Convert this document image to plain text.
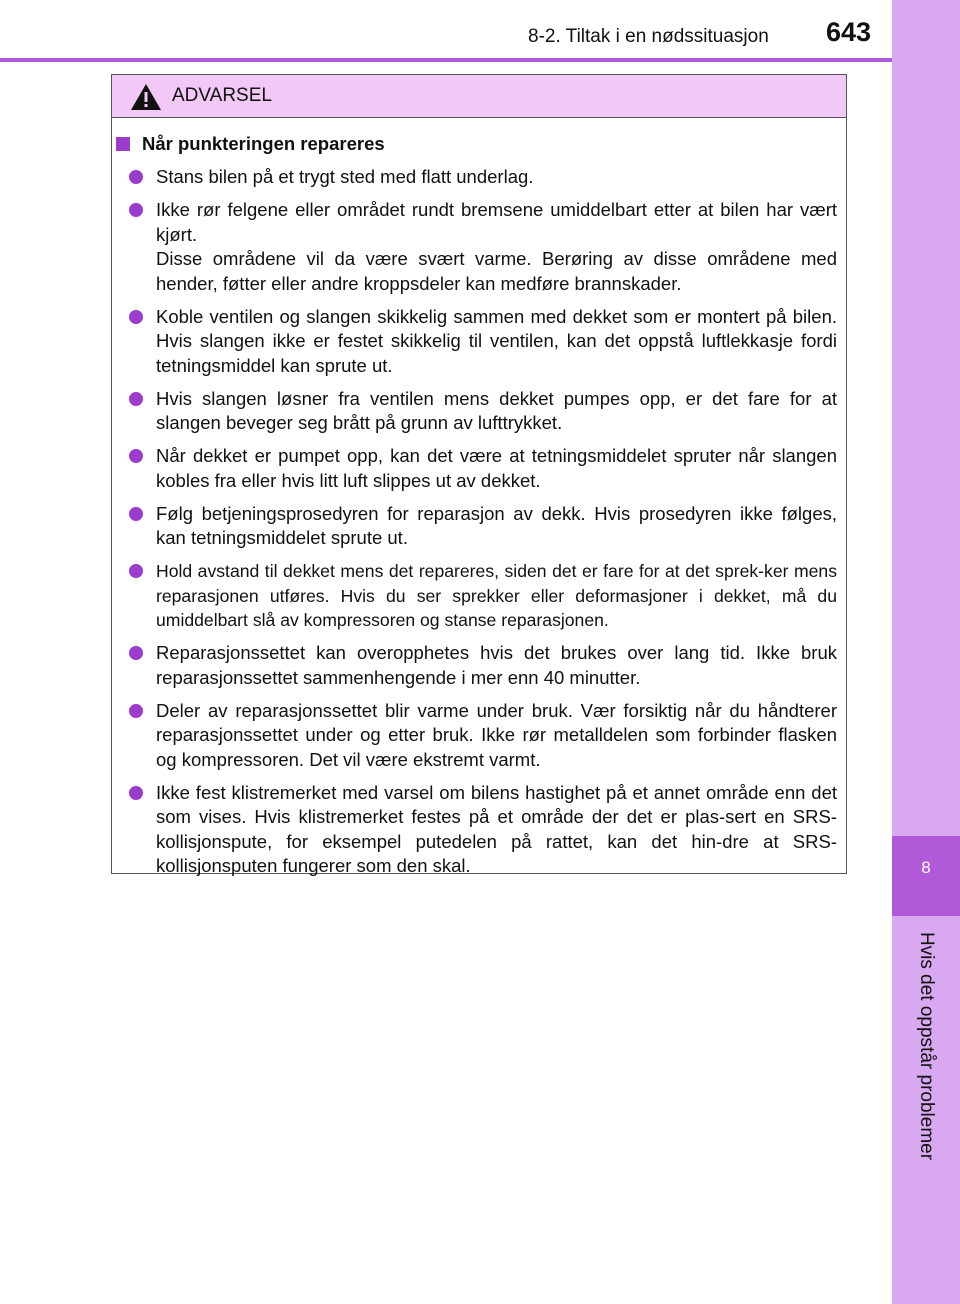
8-2. Tiltak i en nødssituasjon	643
8
Hvis det oppstår problemer
ADVARSEL
Når punkteringen repareres
Stans bilen på et trygt sted med flatt underlag.
Ikke rør felgene eller området rundt bremsene umiddelbart etter at bilen har vært kjørt.
Disse områdene vil da være svært varme. Berøring av disse områdene med hender, føtter eller andre kroppsdeler kan medføre brannskader.
Koble ventilen og slangen skikkelig sammen med dekket som er montert på bilen. Hvis slangen ikke er festet skikkelig til ventilen, kan det oppstå luftlekkasje fordi tetningsmiddel kan sprute ut.
Hvis slangen løsner fra ventilen mens dekket pumpes opp, er det fare for at slangen beveger seg brått på grunn av lufttrykket.
Når dekket er pumpet opp, kan det være at tetningsmiddelet spruter når slangen kobles fra eller hvis litt luft slippes ut av dekket.
Følg betjeningsprosedyren for reparasjon av dekk. Hvis prosedyren ikke følges, kan tetningsmiddelet sprute ut.
Hold avstand til dekket mens det repareres, siden det er fare for at det sprek-ker mens reparasjonen utføres. Hvis du ser sprekker eller deformasjoner i dekket, må du umiddelbart slå av kompressoren og stanse reparasjonen.
Reparasjonssettet kan overopphetes hvis det brukes over lang tid. Ikke bruk reparasjonssettet sammenhengende i mer enn 40 minutter.
Deler av reparasjonssettet blir varme under bruk. Vær forsiktig når du håndterer reparasjonssettet under og etter bruk. Ikke rør metalldelen som forbinder flasken og kompressoren. Det vil være ekstremt varmt.
Ikke fest klistremerket med varsel om bilens hastighet på et annet område enn det som vises. Hvis klistremerket festes på et område der det er plas-sert en SRS-kollisjonspute, for eksempel putedelen på rattet, kan det hin-dre at SRS-kollisjonsputen fungerer som den skal.
